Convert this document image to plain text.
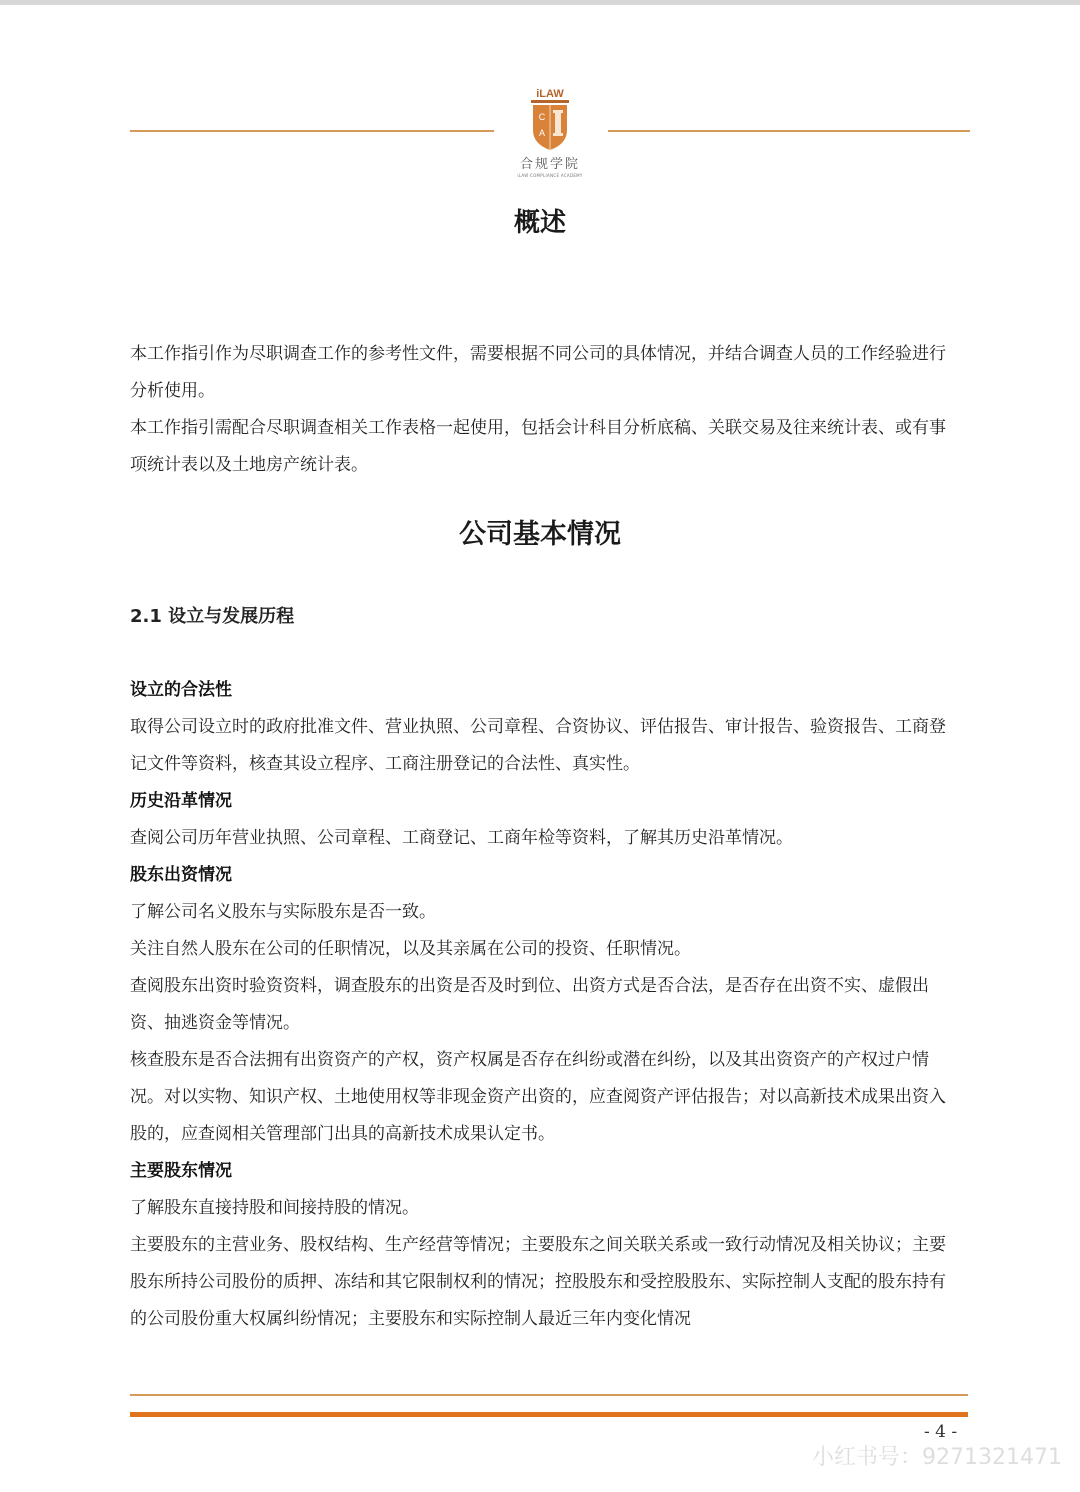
iLAW
C
A
合规学院
iLAW COMPLIANCE ACADEMY
概述

本工作指引作为尽职调查工作的参考性文件，需要根据不同公司的具体情况，并结合调查人员的工作经验进行分析使用。

本工作指引需配合尽职调查相关工作表格一起使用，包括会计科目分析底稿、关联交易及往来统计表、或有事项统计表以及土地房产统计表。

公司基本情况
2.1 设立与发展历程

设立的合法性

取得公司设立时的政府批准文件、营业执照、公司章程、合资协议、评估报告、审计报告、验资报告、工商登记文件等资料，核查其设立程序、工商注册登记的合法性、真实性。

历史沿革情况

查阅公司历年营业执照、公司章程、工商登记、工商年检等资料，了解其历史沿革情况。

股东出资情况

了解公司名义股东与实际股东是否一致。

关注自然人股东在公司的任职情况，以及其亲属在公司的投资、任职情况。

查阅股东出资时验资资料，调查股东的出资是否及时到位、出资方式是否合法，是否存在出资不实、虚假出资、抽逃资金等情况。

核查股东是否合法拥有出资资产的产权，资产权属是否存在纠纷或潜在纠纷，以及其出资资产的产权过户情况。对以实物、知识产权、土地使用权等非现金资产出资的，应查阅资产评估报告；对以高新技术成果出资入股的，应查阅相关管理部门出具的高新技术成果认定书。

主要股东情况

了解股东直接持股和间接持股的情况。

主要股东的主营业务、股权结构、生产经营等情况；主要股东之间关联关系或一致行动情况及相关协议；主要股东所持公司股份的质押、冻结和其它限制权利的情况；控股股东和受控股股东、实际控制人支配的股东持有的公司股份重大权属纠纷情况；主要股东和实际控制人最近三年内变化情况

- 4 -
小红书号：9271321471
